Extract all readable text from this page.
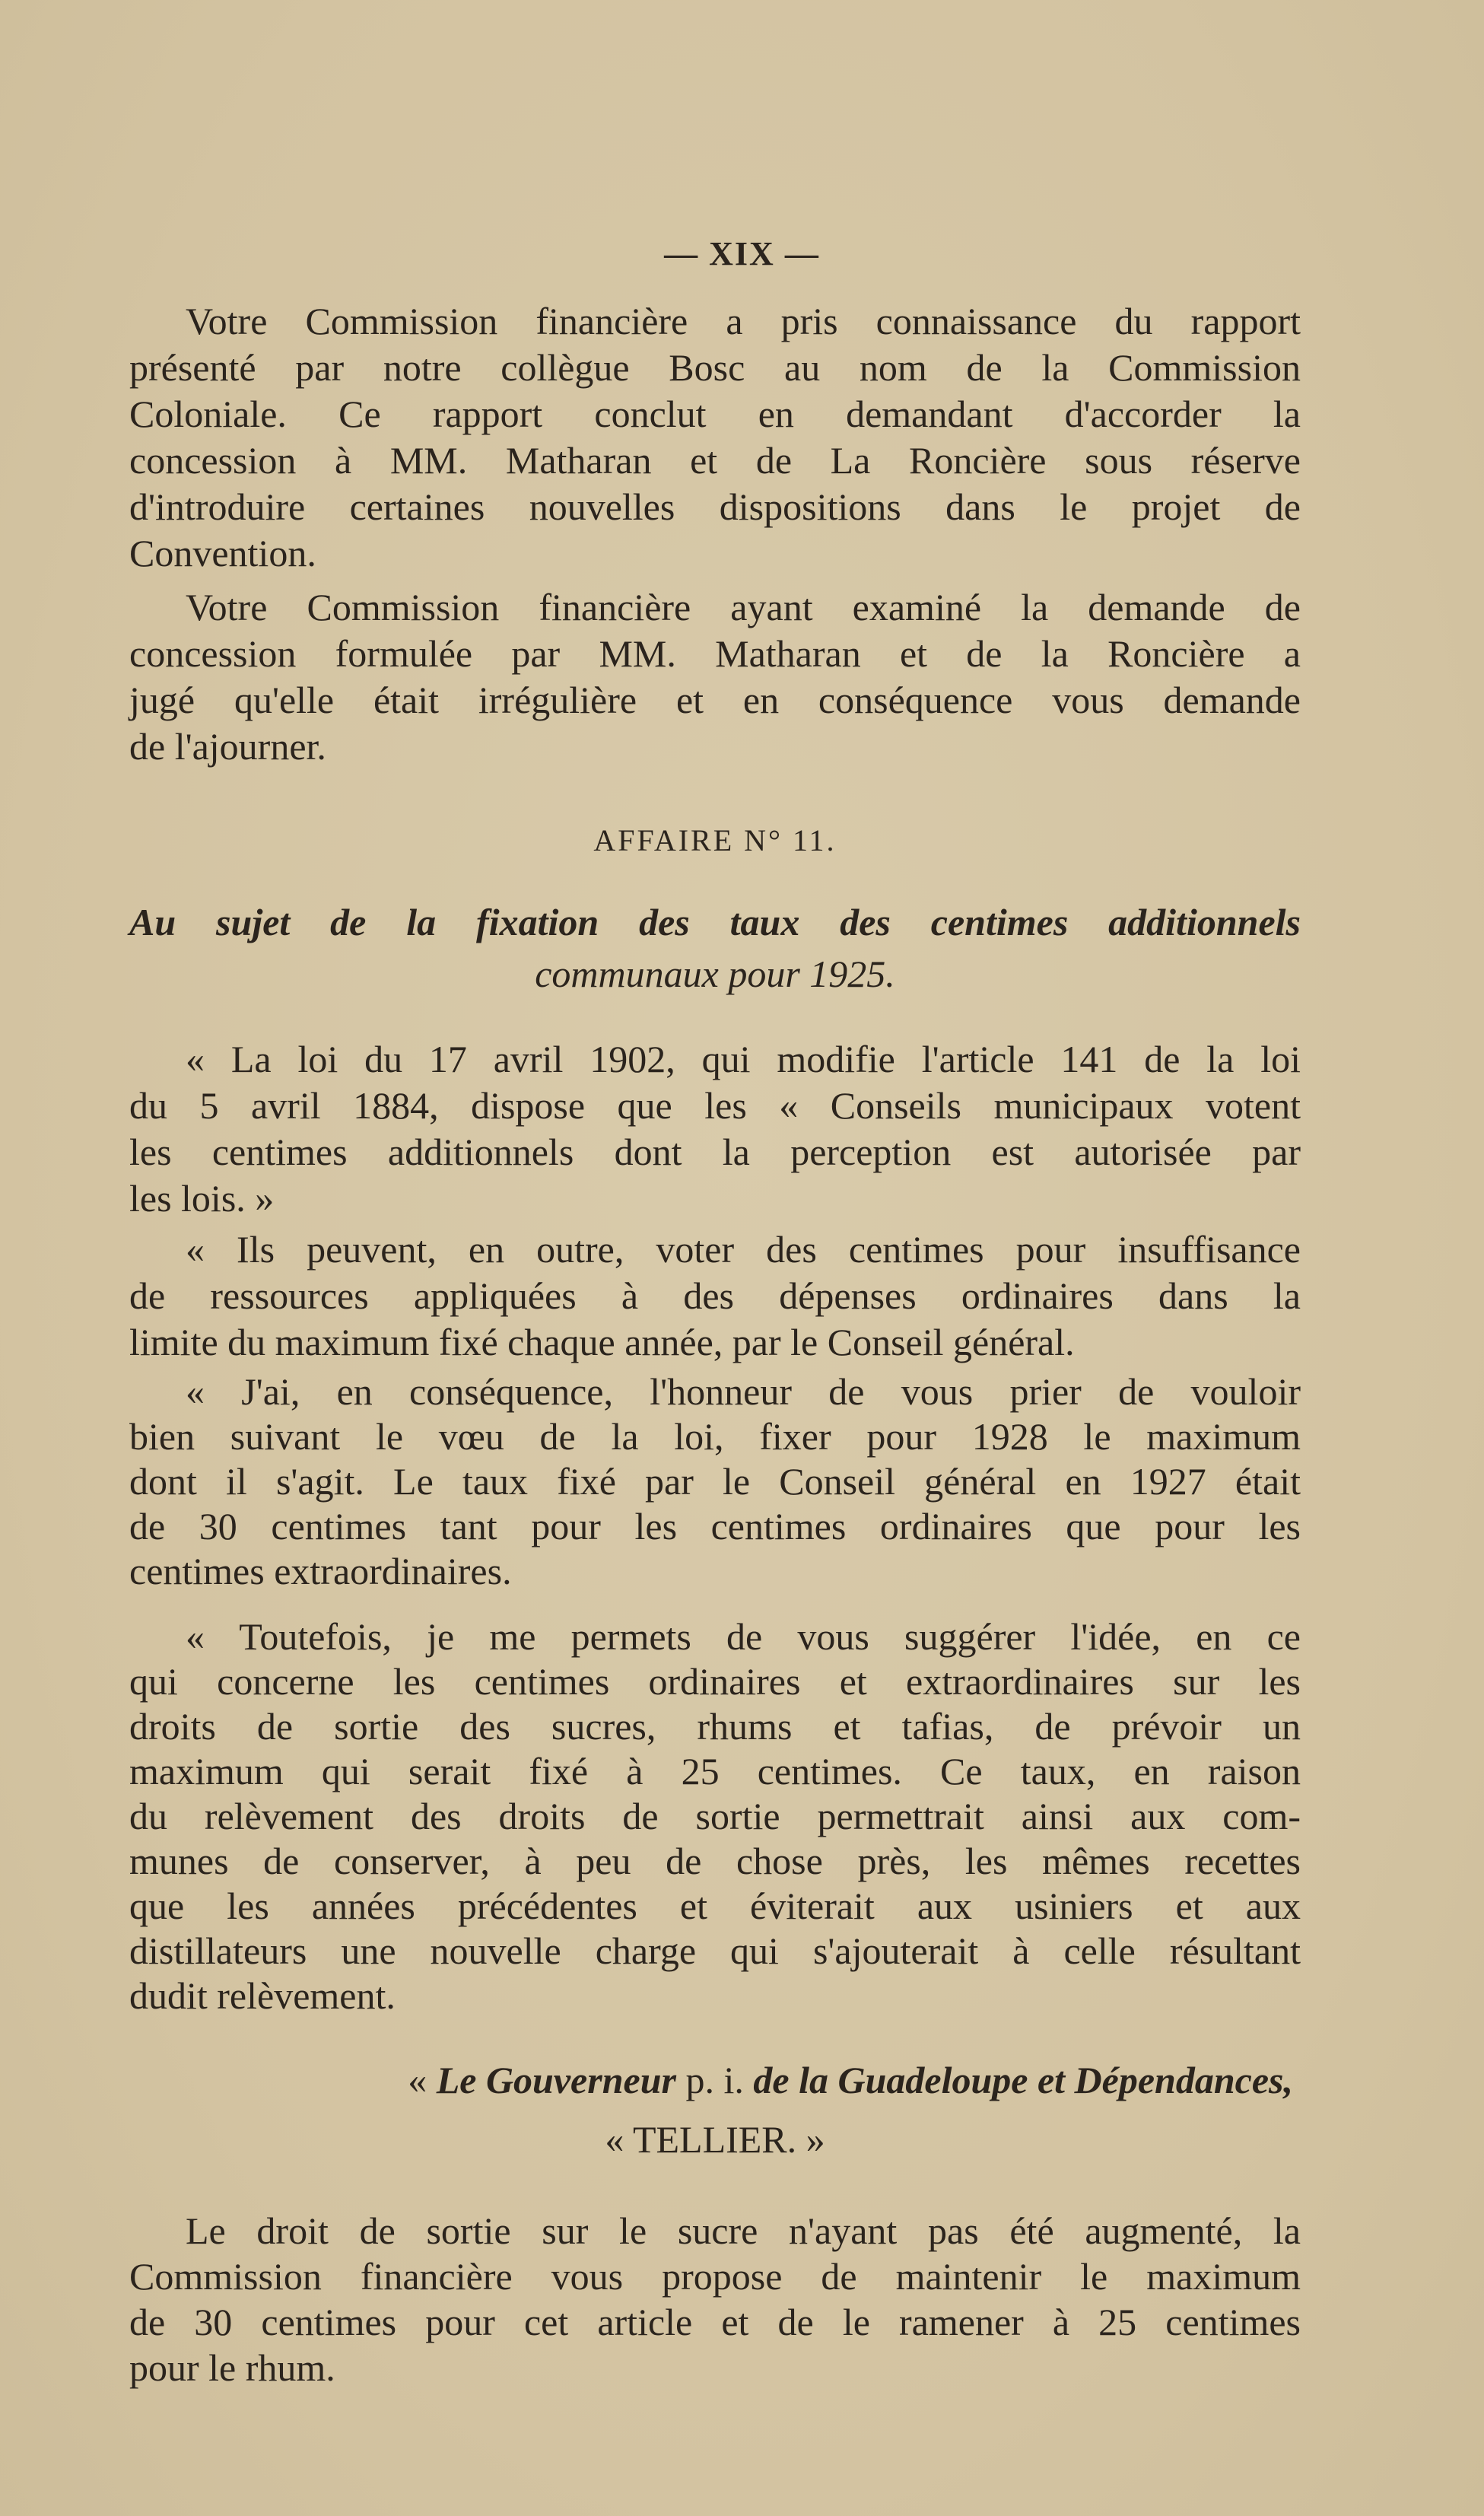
— XIX —
Votre Commission financière a pris connaissance du rapport
présenté par notre collègue Bosc au nom de la Commission
Coloniale. Ce rapport conclut en demandant d'accorder la
concession à MM. Matharan et de La Roncière sous réserve
d'introduire certaines nouvelles dispositions dans le projet de
Convention.
Votre Commission financière ayant examiné la demande de
concession formulée par MM. Matharan et de la Roncière a
jugé qu'elle était irrégulière et en conséquence vous demande
de l'ajourner.
AFFAIRE N° 11.
Au sujet de la fixation des taux des centimes additionnels
communaux pour 1925.
« La loi du 17 avril 1902, qui modifie l'article 141 de la loi
du 5 avril 1884, dispose que les « Conseils municipaux votent
les centimes additionnels dont la perception est autorisée par
les lois. »
« Ils peuvent, en outre, voter des centimes pour insuffisance
de ressources appliquées à des dépenses ordinaires dans la
limite du maximum fixé chaque année, par le Conseil général.
« J'ai, en conséquence, l'honneur de vous prier de vouloir
bien suivant le vœu de la loi, fixer pour 1928 le maximum
dont il s'agit. Le taux fixé par le Conseil général en 1927 était
de 30 centimes tant pour les centimes ordinaires que pour les
centimes extraordinaires.
« Toutefois, je me permets de vous suggérer l'idée, en ce
qui concerne les centimes ordinaires et extraordinaires sur les
droits de sortie des sucres, rhums et tafias, de prévoir un
maximum qui serait fixé à 25 centimes. Ce taux, en raison
du relèvement des droits de sortie permettrait ainsi aux com-
munes de conserver, à peu de chose près, les mêmes recettes
que les années précédentes et éviterait aux usiniers et aux
distillateurs une nouvelle charge qui s'ajouterait à celle résultant
dudit relèvement.
Le droit de sortie sur le sucre n'ayant pas été augmenté, la
Commission financière vous propose de maintenir le maximum
de 30 centimes pour cet article et de le ramener à 25 centimes
pour le rhum.
« Le Gouverneur p. i. de la Guadeloupe et Dépendances,
« TELLIER. »
